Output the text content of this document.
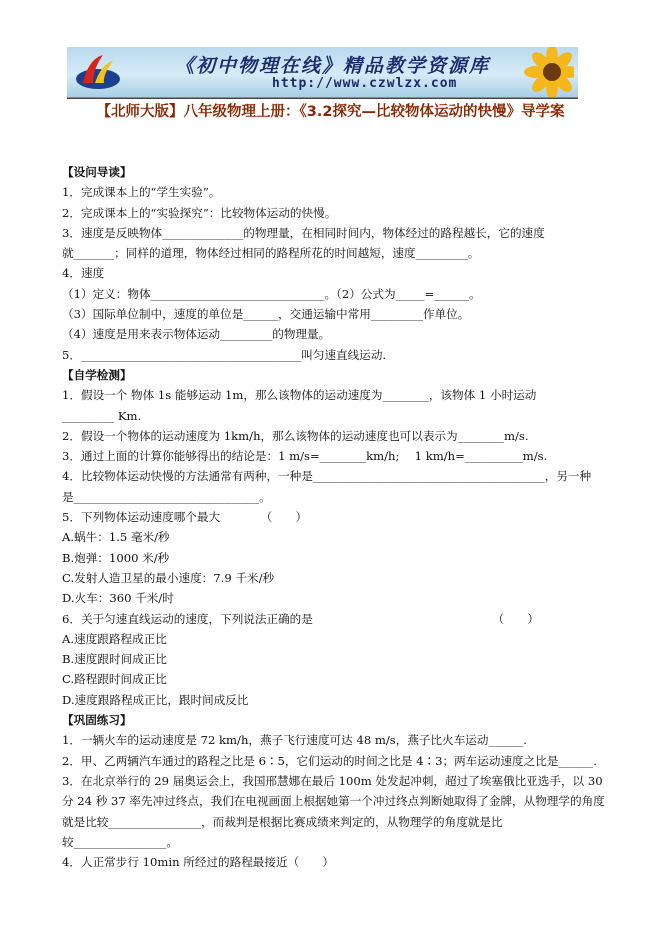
《初中物理在线》精品教学资源库
http://www.czwlzx.com
【北师大版】八年级物理上册：《3.2探究—比较物体运动的快慢》导学案
【设问导读】
1．完成课本上的“学生实验”。
2．完成课本上的“实验探究”：比较物体运动的快慢。
3．速度是反映物体______________的物理量，在相同时间内，物体经过的路程越长，它的速度
就_______；同样的道理，物体经过相同的路程所花的时间越短，速度_________。
4．速度
（1）定义：物体______________________________。（2）公式为_____=______。
（3）国际单位制中，速度的单位是______，交通运输中常用_________作单位。
（4）速度是用来表示物体运动_________的物理量。
5．______________________________________叫匀速直线运动.
【自学检测】
1．假设一个 物体 1s 能够运动 1m，那么该物体的运动速度为________，该物体 1 小时运动
_________ Km.
2．假设一个物体的运动速度为 1km/h，那么该物体的运动速度也可以表示为________m/s.
3．通过上面的计算你能够得出的结论是：1 m/s=________km/h;　 1 km/h=__________m/s.
4．比较物体运动快慢的方法通常有两种，一种是________________________________________，另一种
是________________________________。
5．下列物体运动速度哪个最大　　　　（　　）
A.蜗牛：1.5 毫米/秒
B.炮弹：1000 米/秒
C.发射人造卫星的最小速度：7.9 千米/秒
D.火车：360 千米/时
6．关于匀速直线运动的速度，下列说法正确的是　　　　　　　　　　　　　　　　（　　）
A.速度跟路程成正比
B.速度跟时间成正比
C.路程跟时间成正比
D.速度跟路程成正比，跟时间成反比
【巩固练习】
1．一辆火车的运动速度是 72 km/h，燕子飞行速度可达 48 m/s，燕子比火车运动______.
2．甲、乙两辆汽车通过的路程之比是 6∶5，它们运动的时间之比是 4∶3；两车运动速度之比是______.
3．在北京举行的 29 届奥运会上，我国邢慧娜在最后 100m 处发起冲刺，超过了埃塞俄比亚选手，以 30
分 24 秒 37 率先冲过终点，我们在电视画面上根据她第一个冲过终点判断她取得了金牌，从物理学的角度
就是比较________________，而裁判是根据比赛成绩来判定的，从物理学的角度就是比
较________________。
4．人正常步行 10min 所经过的路程最接近（　　）
